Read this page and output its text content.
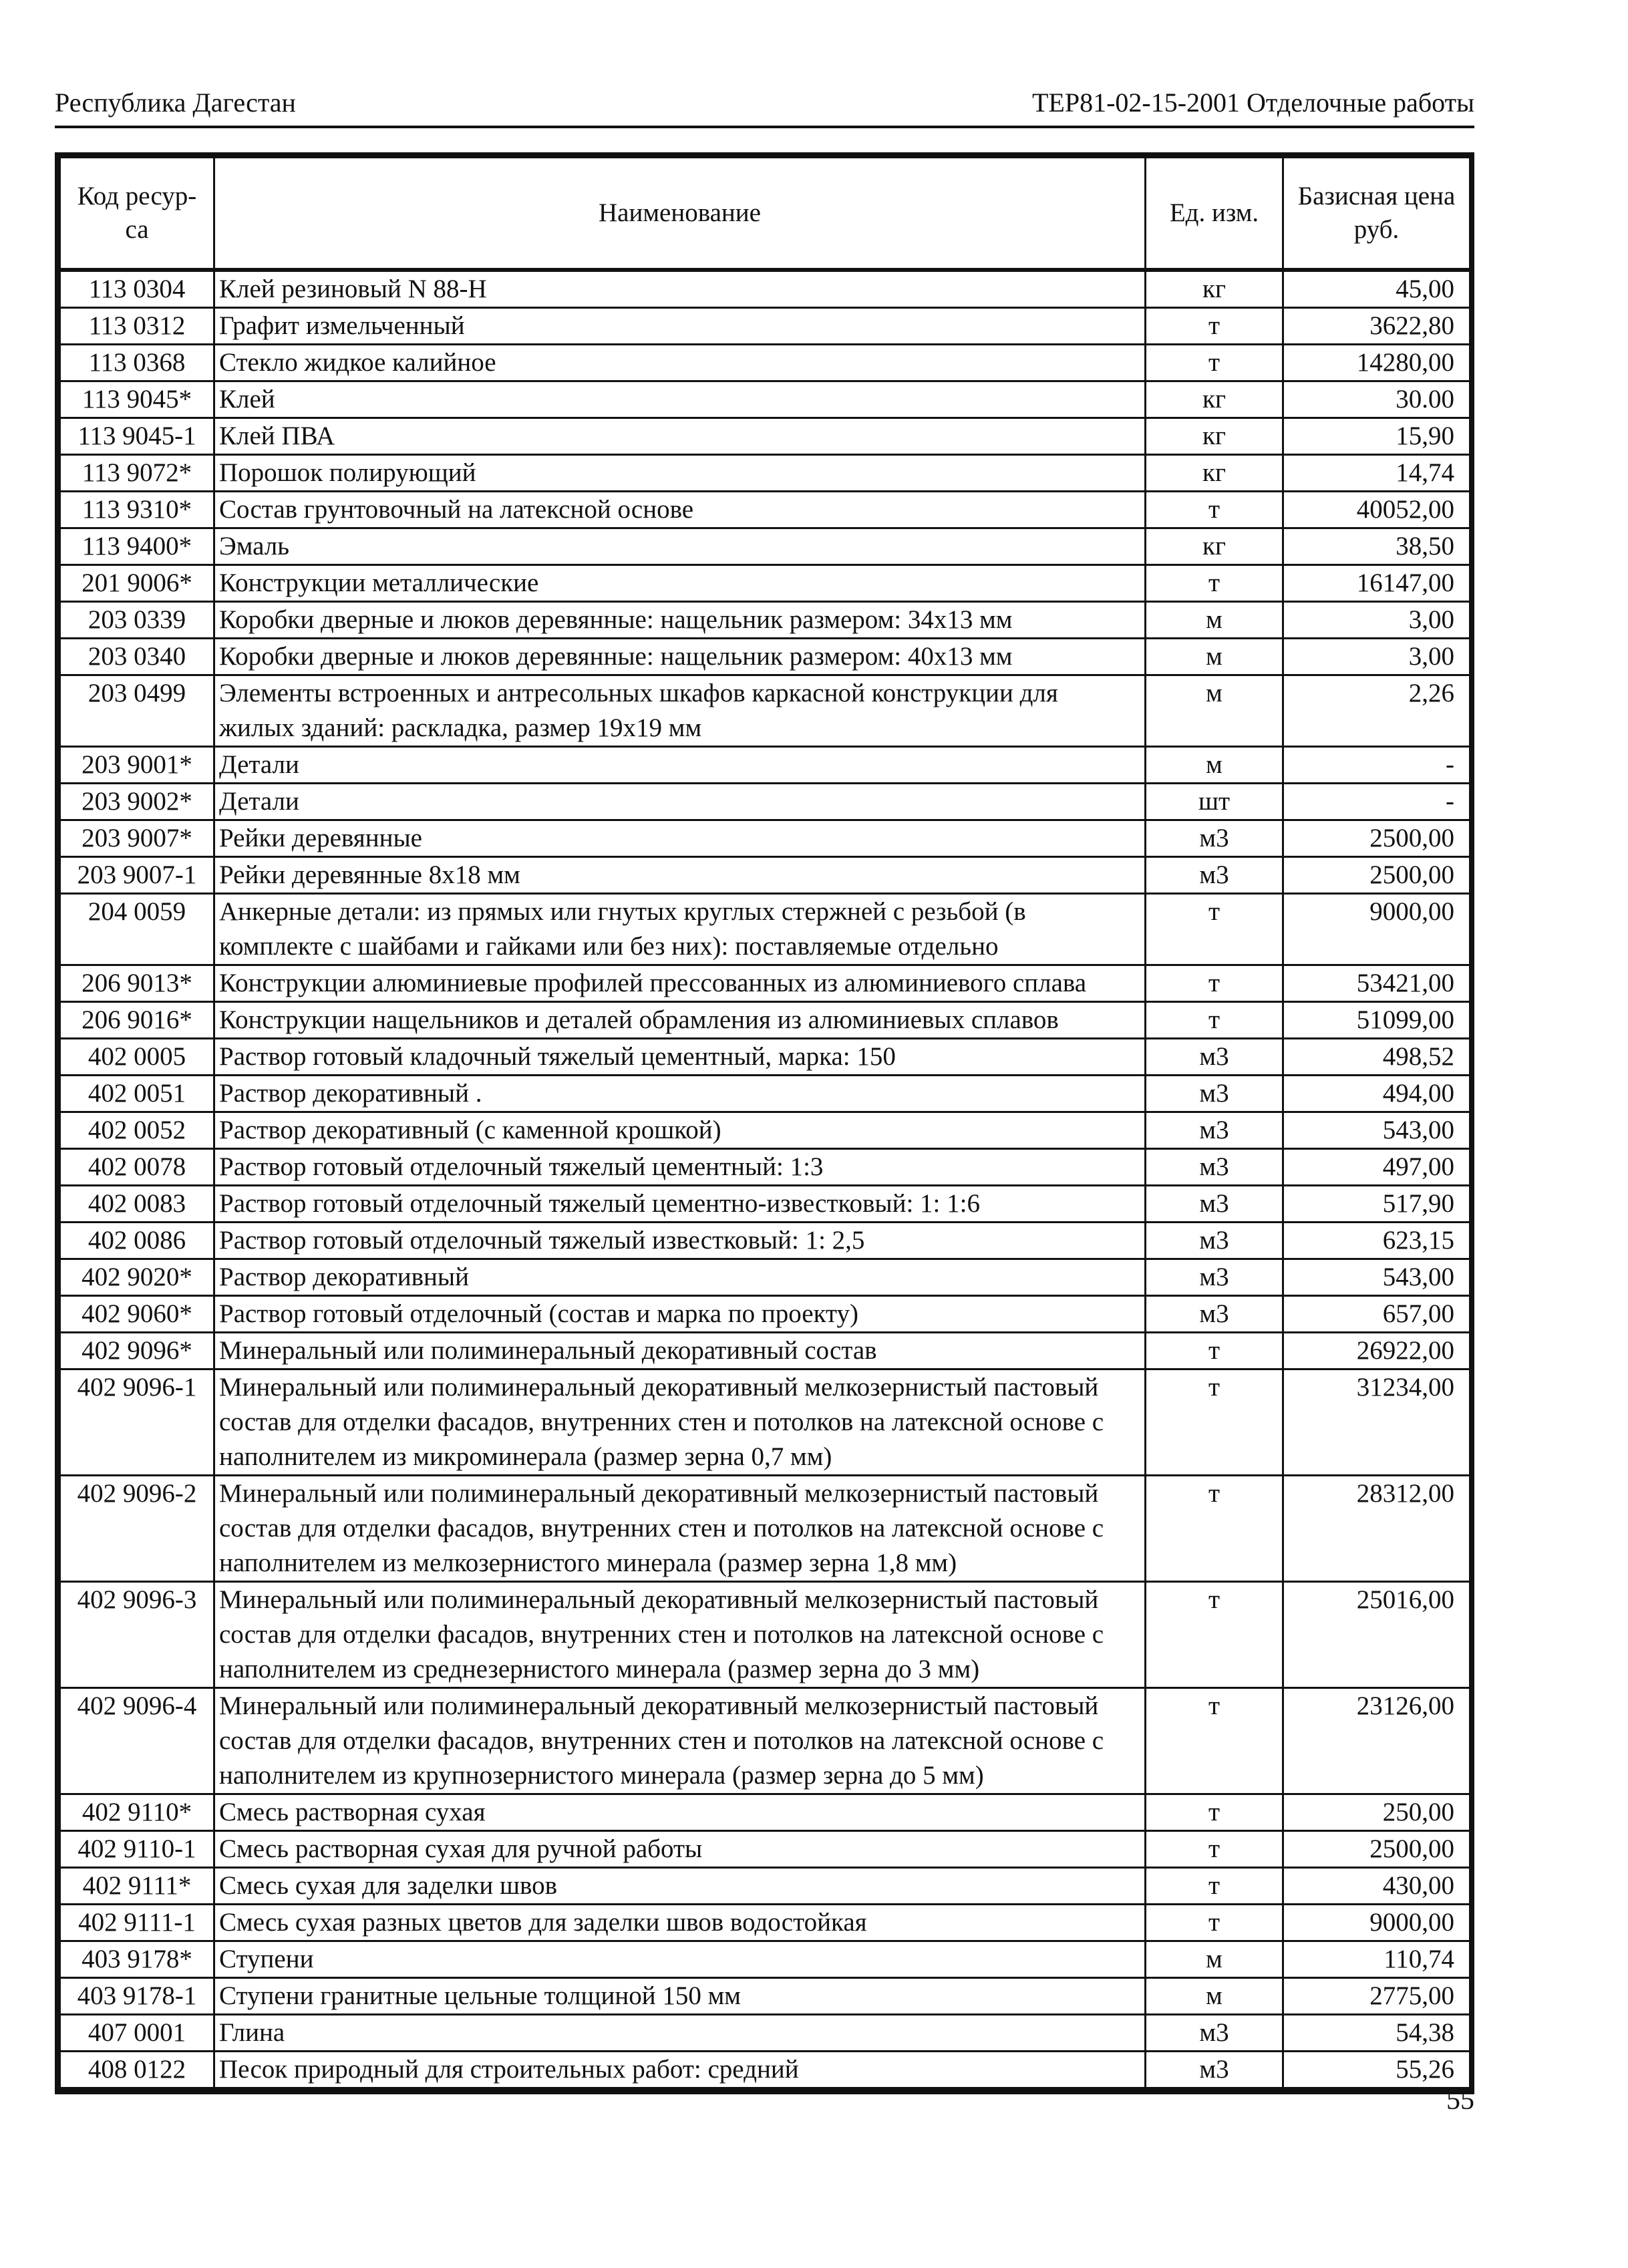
Республика Дагестан	ТЕР81-02-15-2001 Отделочные работы
Код ресур-са	Наименование	Ед. изм.	Базисная цена руб.
113 0304	Клей резиновый N 88-Н	кг	45,00
113 0312	Графит измельченный	т	3622,80
113 0368	Стекло жидкое калийное	т	14280,00
113 9045*	Клей	кг	30.00
113 9045-1	Клей ПВА	кг	15,90
113 9072*	Порошок полирующий	кг	14,74
113 9310*	Состав грунтовочный на латексной основе	т	40052,00
113 9400*	Эмаль	кг	38,50
201 9006*	Конструкции металлические	т	16147,00
203 0339	Коробки дверные и люков деревянные: нащельник размером: 34x13 мм	м	3,00
203 0340	Коробки дверные и люков деревянные: нащельник размером: 40x13 мм	м	3,00
203 0499	Элементы встроенных и антресольных шкафов каркасной конструкции для жилых зданий: раскладка, размер 19x19 мм	м	2,26
203 9001*	Детали	м	-
203 9002*	Детали	шт	-
203 9007*	Рейки деревянные	м3	2500,00
203 9007-1	Рейки деревянные 8x18 мм	м3	2500,00
204 0059	Анкерные детали: из прямых или гнутых круглых стержней с резьбой (в комплекте с шайбами и гайками или без них): поставляемые отдельно	т	9000,00
206 9013*	Конструкции алюминиевые профилей прессованных из алюминиевого сплава	т	53421,00
206 9016*	Конструкции нащельников и деталей обрамления из алюминиевых сплавов	т	51099,00
402 0005	Раствор готовый кладочный тяжелый цементный, марка: 150	м3	498,52
402 0051	Раствор декоративный .	м3	494,00
402 0052	Раствор декоративный (с каменной крошкой)	м3	543,00
402 0078	Раствор готовый отделочный тяжелый цементный: 1:3	м3	497,00
402 0083	Раствор готовый отделочный тяжелый цементно-известковый: 1: 1:6	м3	517,90
402 0086	Раствор готовый отделочный тяжелый известковый: 1: 2,5	м3	623,15
402 9020*	Раствор декоративный	м3	543,00
402 9060*	Раствор готовый отделочный (состав и марка по проекту)	м3	657,00
402 9096*	Минеральный или полиминеральный декоративный состав	т	26922,00
402 9096-1	Минеральный или полиминеральный декоративный мелкозернистый пастовый состав для отделки фасадов, внутренних стен и потолков на латексной основе с наполнителем из микроминерала (размер зерна 0,7 мм)	т	31234,00
402 9096-2	Минеральный или полиминеральный декоративный мелкозернистый пастовый состав для отделки фасадов, внутренних стен и потолков на латексной основе с наполнителем из мелкозернистого минерала (размер зерна 1,8 мм)	т	28312,00
402 9096-3	Минеральный или полиминеральный декоративный мелкозернистый пастовый состав для отделки фасадов, внутренних стен и потолков на латексной основе с наполнителем из среднезернистого минерала (размер зерна до 3 мм)	т	25016,00
402 9096-4	Минеральный или полиминеральный декоративный мелкозернистый пастовый состав для отделки фасадов, внутренних стен и потолков на латексной основе с наполнителем из крупнозернистого минерала (размер зерна до 5 мм)	т	23126,00
402 9110*	Смесь растворная сухая	т	250,00
402 9110-1	Смесь растворная сухая для ручной работы	т	2500,00
402 9111*	Смесь сухая для заделки швов	т	430,00
402 9111-1	Смесь сухая разных цветов для заделки швов водостойкая	т	9000,00
403 9178*	Ступени	м	110,74
403 9178-1	Ступени гранитные цельные толщиной 150 мм	м	2775,00
407 0001	Глина	м3	54,38
408 0122	Песок природный для строительных работ: средний	м3	55,26
55
